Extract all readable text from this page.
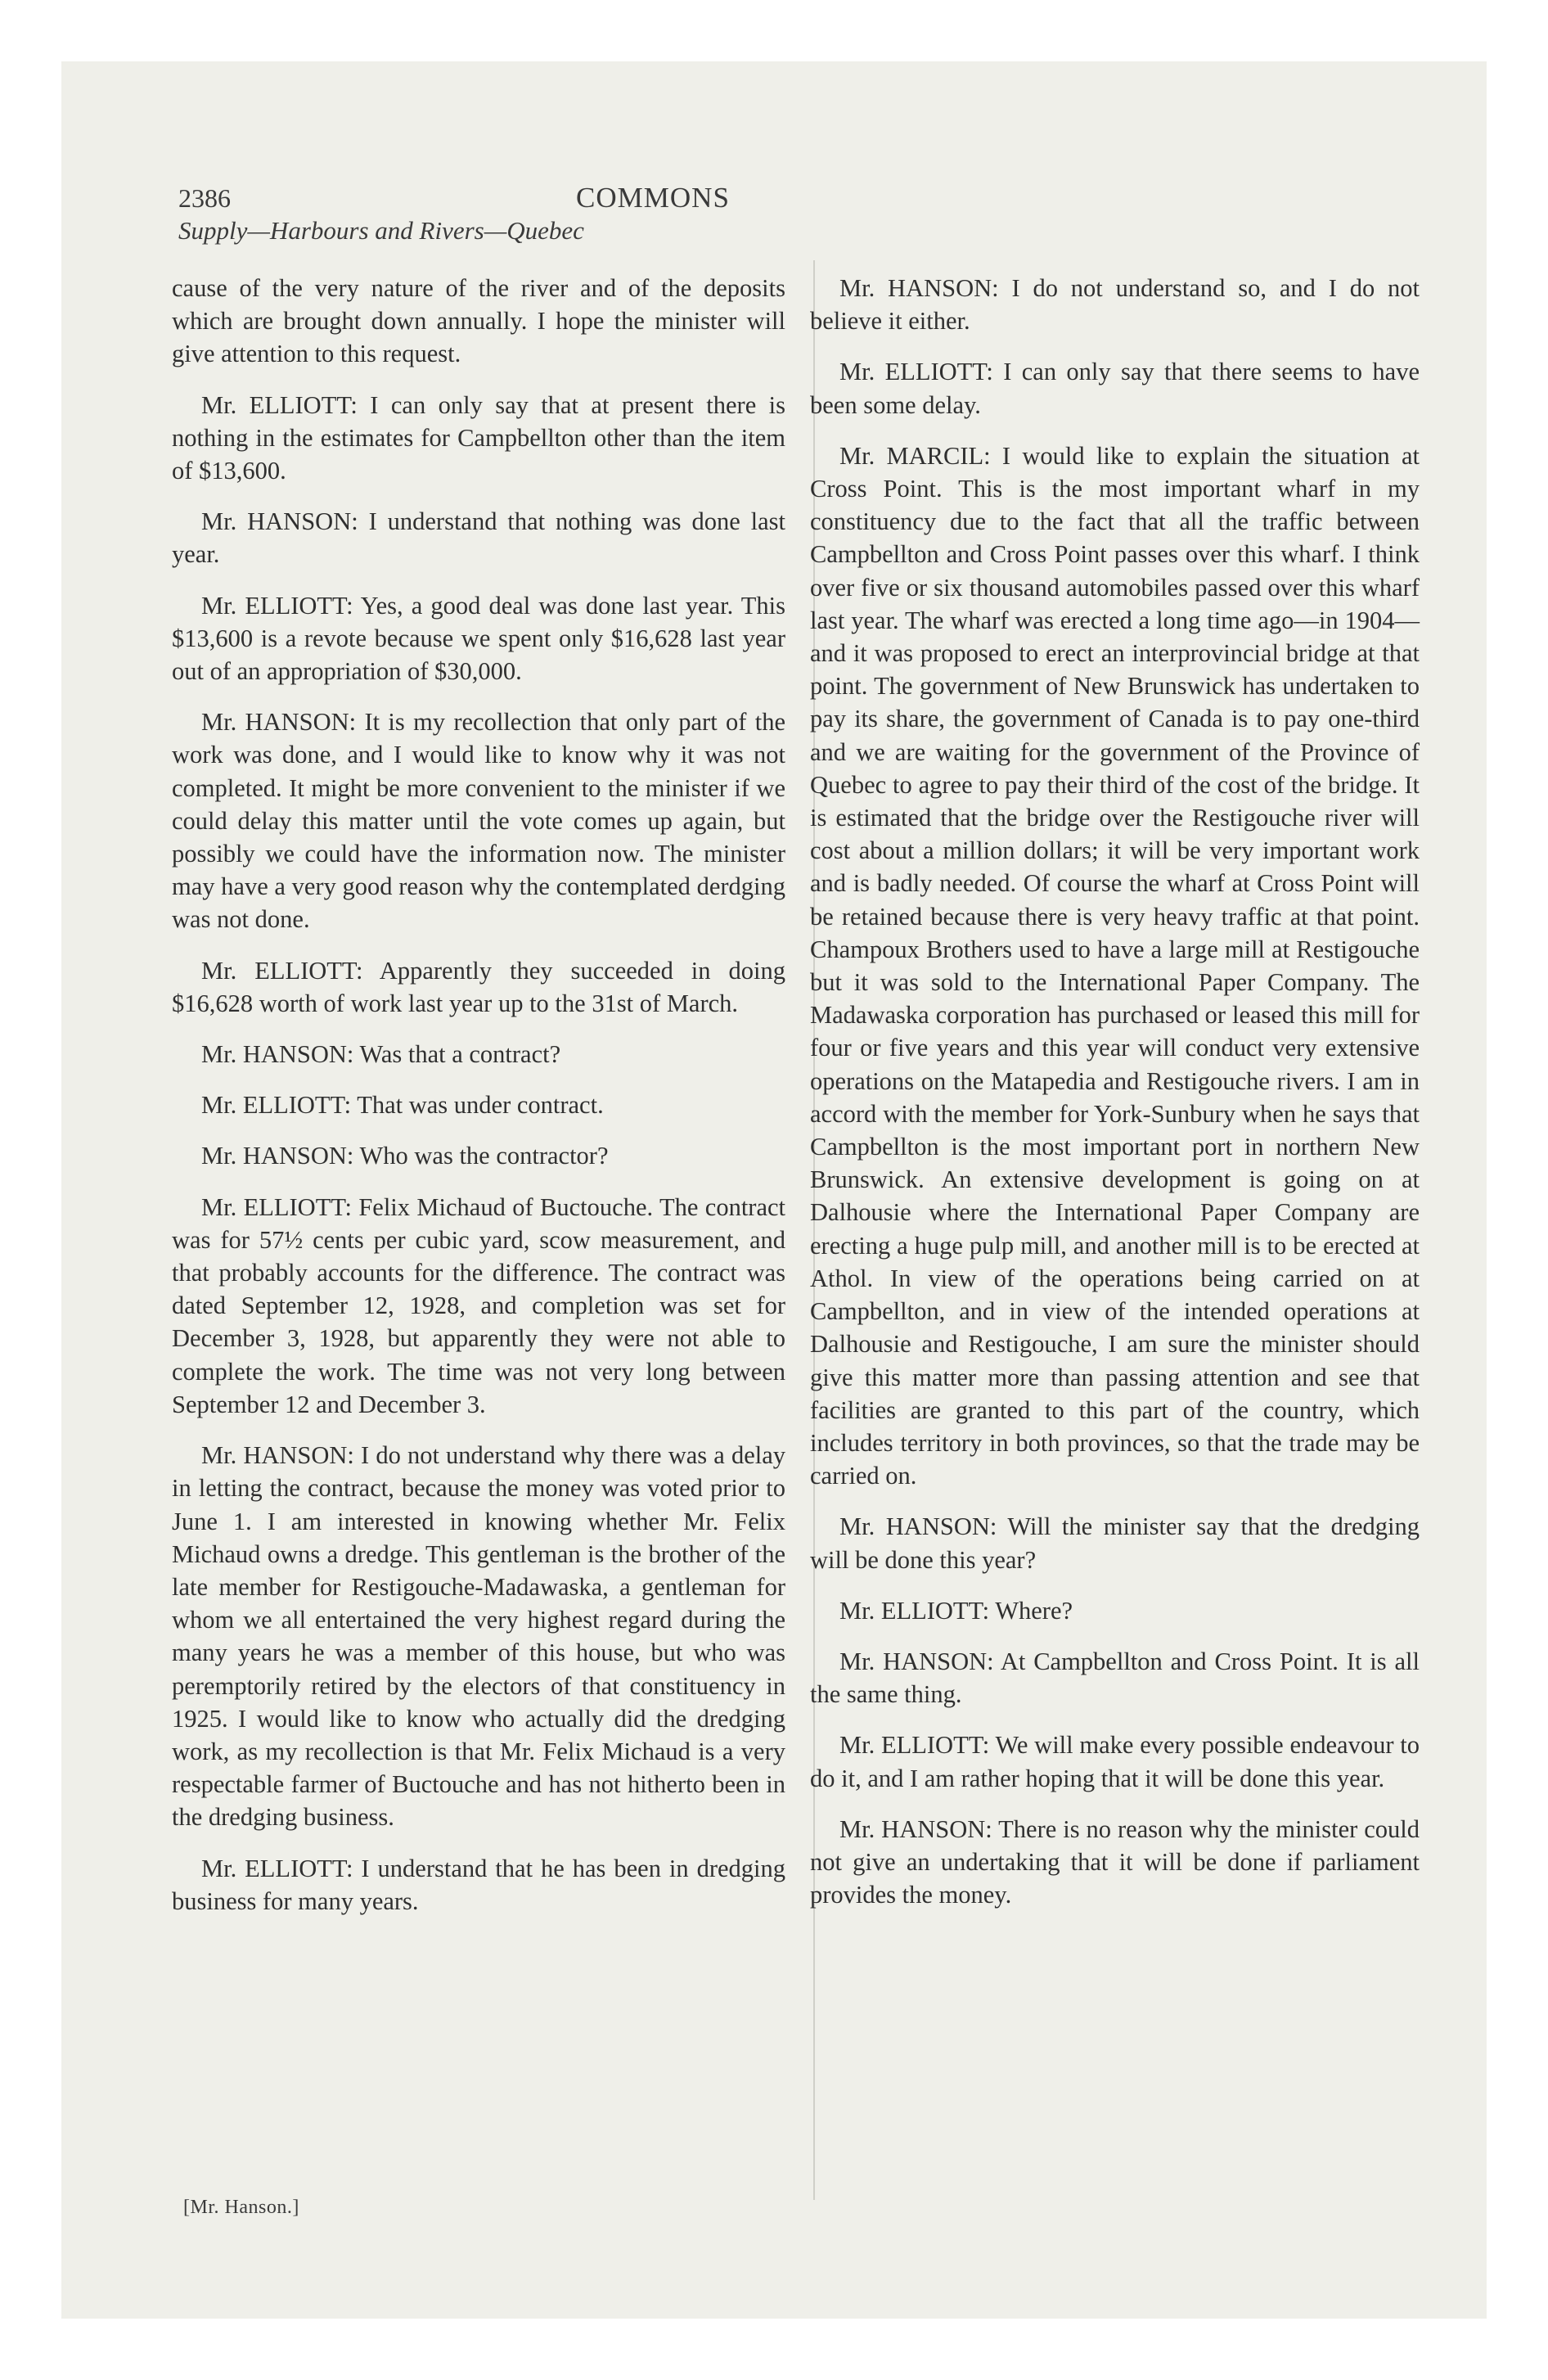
2386	COMMONS
Supply—Harbours and Rivers—Quebec

cause of the very nature of the river and of the deposits which are brought down annually. I hope the minister will give attention to this request.

Mr. ELLIOTT: I can only say that at present there is nothing in the estimates for Campbellton other than the item of $13,600.

Mr. HANSON: I understand that nothing was done last year.

Mr. ELLIOTT: Yes, a good deal was done last year. This $13,600 is a revote because we spent only $16,628 last year out of an appropriation of $30,000.

Mr. HANSON: It is my recollection that only part of the work was done, and I would like to know why it was not completed. It might be more convenient to the minister if we could delay this matter until the vote comes up again, but possibly we could have the information now. The minister may have a very good reason why the contemplated derdging was not done.

Mr. ELLIOTT: Apparently they succeeded in doing $16,628 worth of work last year up to the 31st of March.

Mr. HANSON: Was that a contract?

Mr. ELLIOTT: That was under contract.

Mr. HANSON: Who was the contractor?

Mr. ELLIOTT: Felix Michaud of Buctouche. The contract was for 57½ cents per cubic yard, scow measurement, and that probably accounts for the difference. The contract was dated September 12, 1928, and completion was set for December 3, 1928, but apparently they were not able to complete the work. The time was not very long between September 12 and December 3.

Mr. HANSON: I do not understand why there was a delay in letting the contract, because the money was voted prior to June 1. I am interested in knowing whether Mr. Felix Michaud owns a dredge. This gentleman is the brother of the late member for Restigouche-Madawaska, a gentleman for whom we all entertained the very highest regard during the many years he was a member of this house, but who was peremptorily retired by the electors of that constituency in 1925. I would like to know who actually did the dredging work, as my recollection is that Mr. Felix Michaud is a very respectable farmer of Buctouche and has not hitherto been in the dredging business.

Mr. ELLIOTT: I understand that he has been in dredging business for many years.

Mr. HANSON: I do not understand so, and I do not believe it either.

Mr. ELLIOTT: I can only say that there seems to have been some delay.

Mr. MARCIL: I would like to explain the situation at Cross Point. This is the most important wharf in my constituency due to the fact that all the traffic between Campbellton and Cross Point passes over this wharf. I think over five or six thousand automobiles passed over this wharf last year. The wharf was erected a long time ago—in 1904—and it was proposed to erect an interprovincial bridge at that point. The government of New Brunswick has undertaken to pay its share, the government of Canada is to pay one-third and we are waiting for the government of the Province of Quebec to agree to pay their third of the cost of the bridge. It is estimated that the bridge over the Restigouche river will cost about a million dollars; it will be very important work and is badly needed. Of course the wharf at Cross Point will be retained because there is very heavy traffic at that point. Champoux Brothers used to have a large mill at Restigouche but it was sold to the International Paper Company. The Madawaska corporation has purchased or leased this mill for four or five years and this year will conduct very extensive operations on the Matapedia and Restigouche rivers. I am in accord with the member for York-Sunbury when he says that Campbellton is the most important port in northern New Brunswick. An extensive development is going on at Dalhousie where the International Paper Company are erecting a huge pulp mill, and another mill is to be erected at Athol. In view of the operations being carried on at Campbellton, and in view of the intended operations at Dalhousie and Restigouche, I am sure the minister should give this matter more than passing attention and see that facilities are granted to this part of the country, which includes territory in both provinces, so that the trade may be carried on.

Mr. HANSON: Will the minister say that the dredging will be done this year?

Mr. ELLIOTT: Where?

Mr. HANSON: At Campbellton and Cross Point. It is all the same thing.

Mr. ELLIOTT: We will make every possible endeavour to do it, and I am rather hoping that it will be done this year.

Mr. HANSON: There is no reason why the minister could not give an undertaking that it will be done if parliament provides the money.

[Mr. Hanson.]
